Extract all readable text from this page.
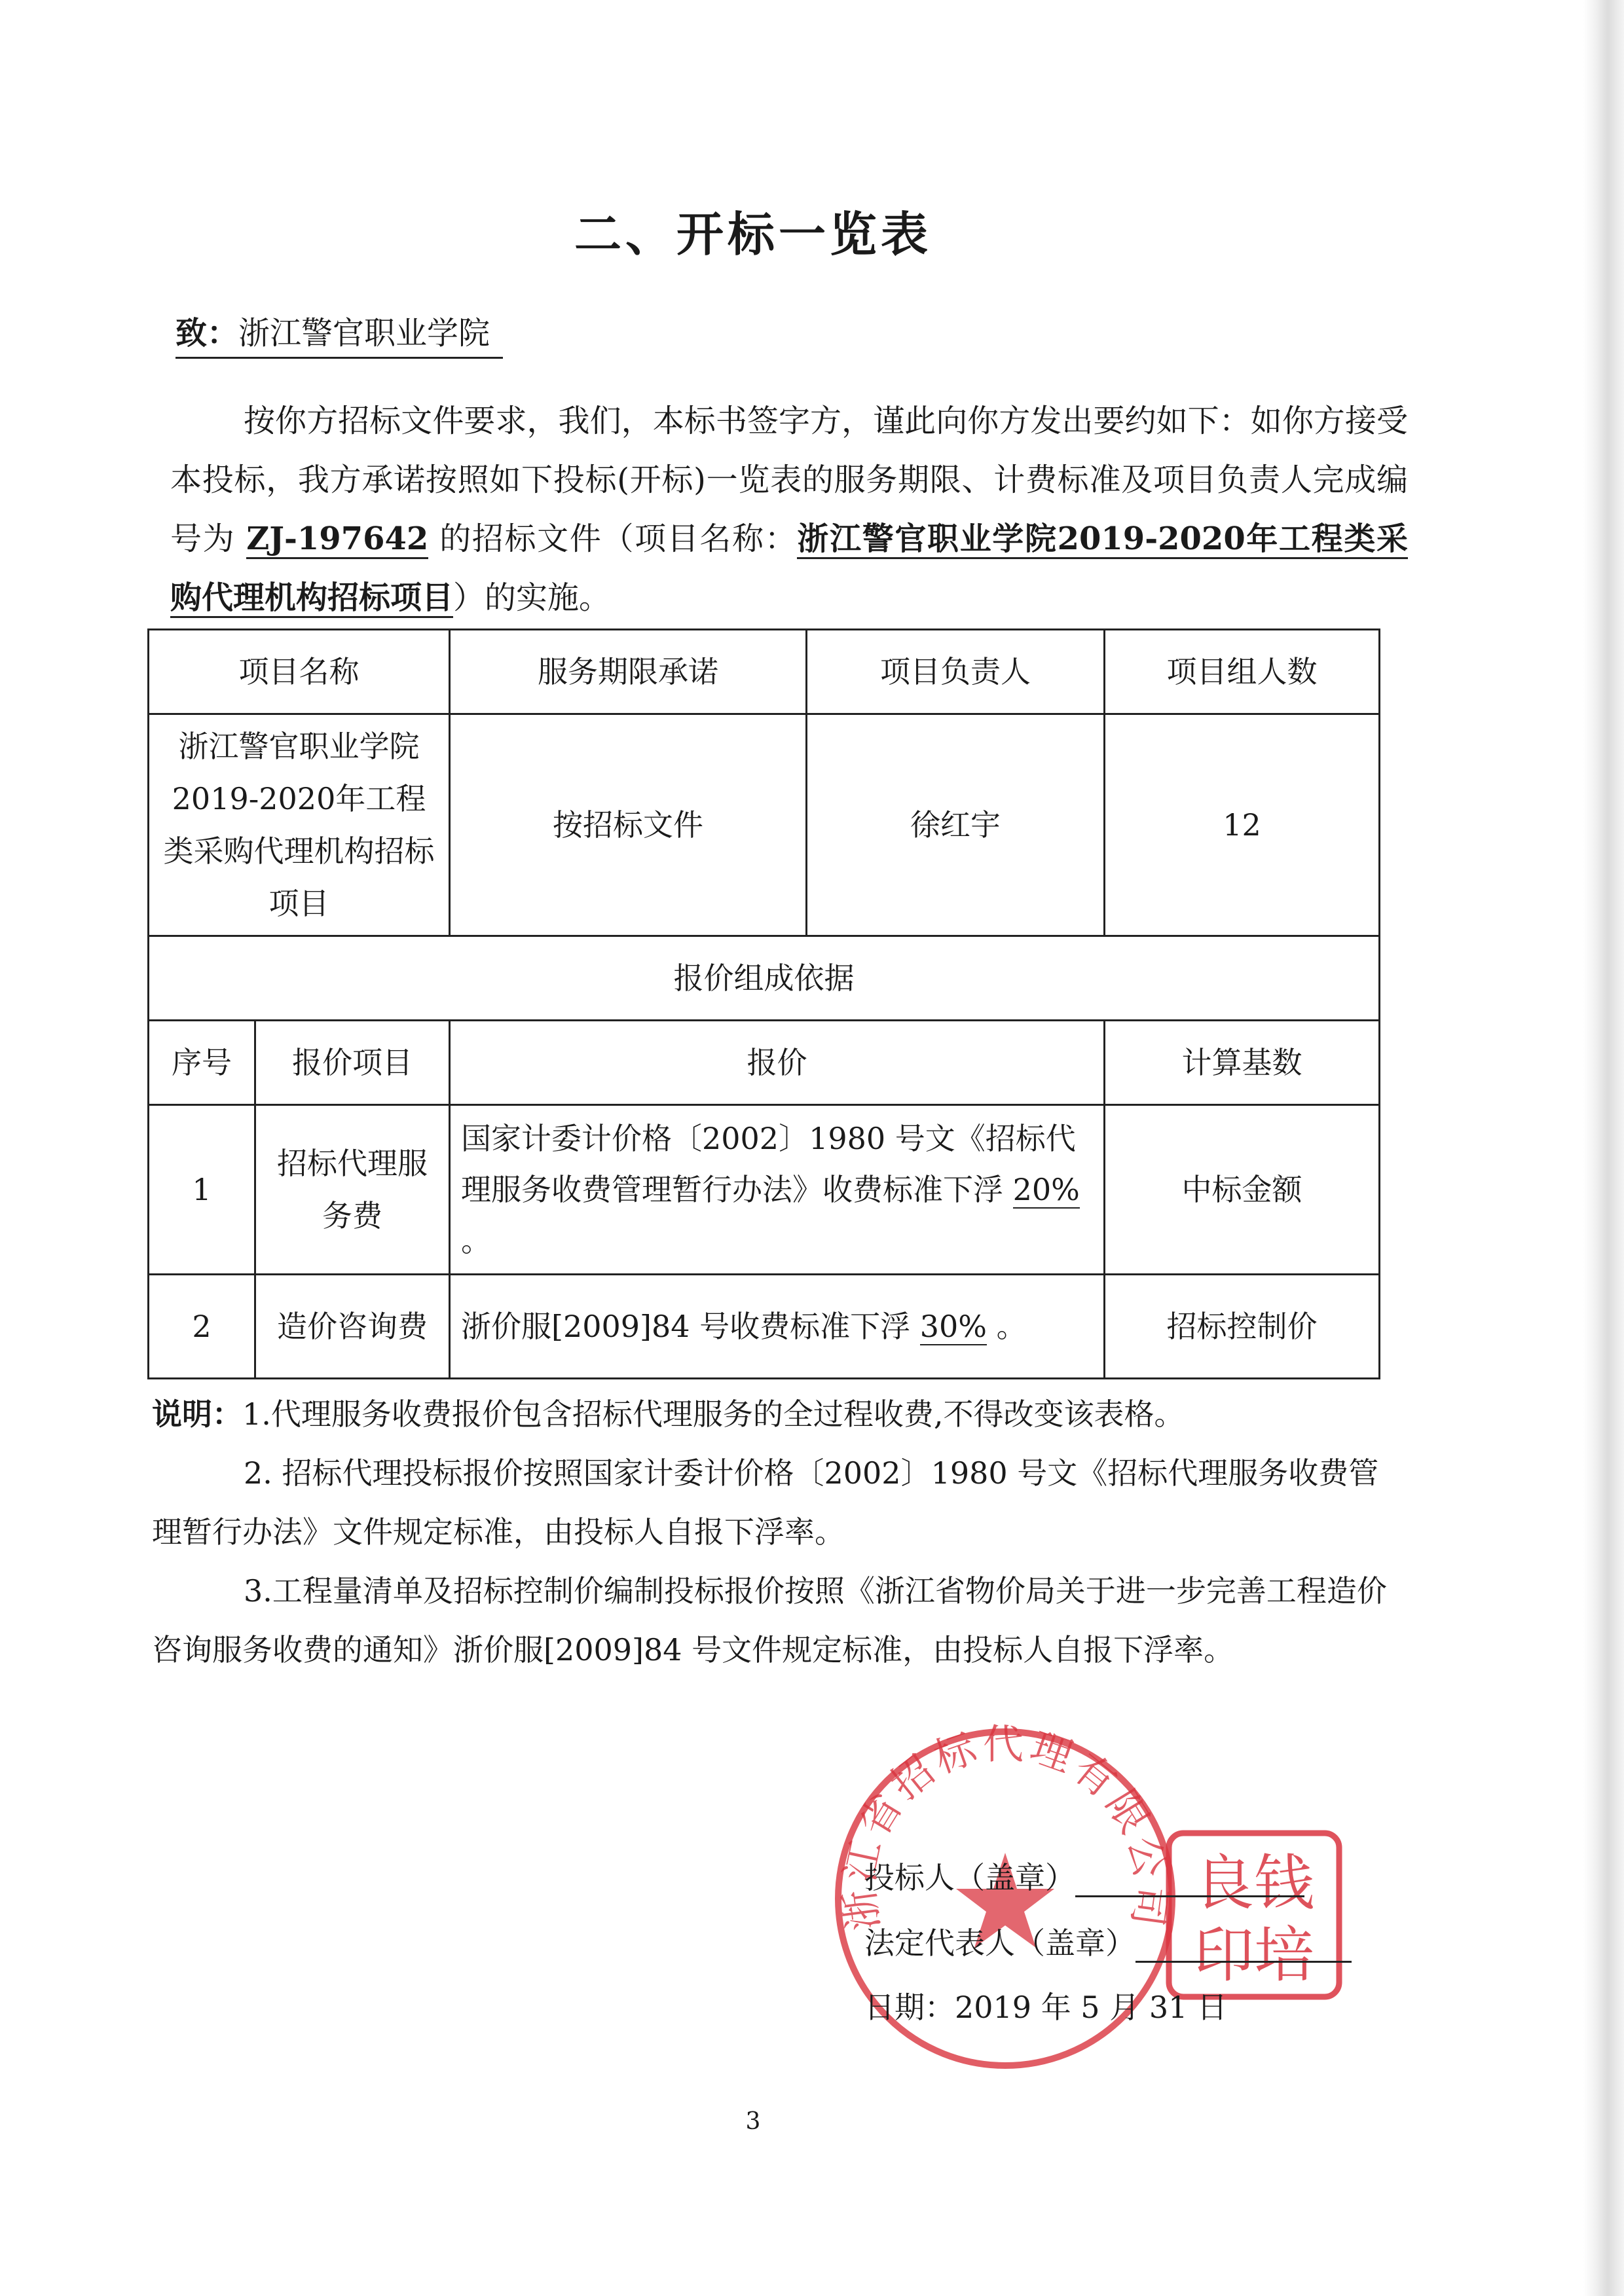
二、开标一览表
致：浙江警官职业学院
按你方招标文件要求，我们，本标书签字方，谨此向你方发出要约如下：如你方接受本投标，我方承诺按照如下投标(开标)一览表的服务期限、计费标准及项目负责人完成编号为 ZJ-197642 的招标文件（项目名称：浙江警官职业学院2019-2020年工程类采购代理机构招标项目）的实施。
项目名称		服务期限承诺	项目负责人	项目组人数
浙江警官职业学院2019-2020年工程类采购代理机构招标项目		按招标文件	徐红宇	12
报价组成依据				
序号	报价项目	报价		计算基数
1	招标代理服务费	国家计委计价格〔2002〕1980 号文《招标代理服务收费管理暂行办法》收费标准下浮 20% 。		中标金额
2	造价咨询费	浙价服[2009]84 号收费标准下浮 30% 。		招标控制价

说明：1.代理服务收费报价包含招标代理服务的全过程收费,不得改变该表格。

2. 招标代理投标报价按照国家计委计价格〔2002〕1980 号文《招标代理服务收费管理暂行办法》文件规定标准，由投标人自报下浮率。

3.工程量清单及招标控制价编制投标报价按照《浙江省物价局关于进一步完善工程造价咨询服务收费的通知》浙价服[2009]84 号文件规定标准，由投标人自报下浮率。

浙江省招标代理有限公司 良钱
印培
投标人（盖章）
法定代表人（盖章）
日期：2019 年 5 月 31 日
3
